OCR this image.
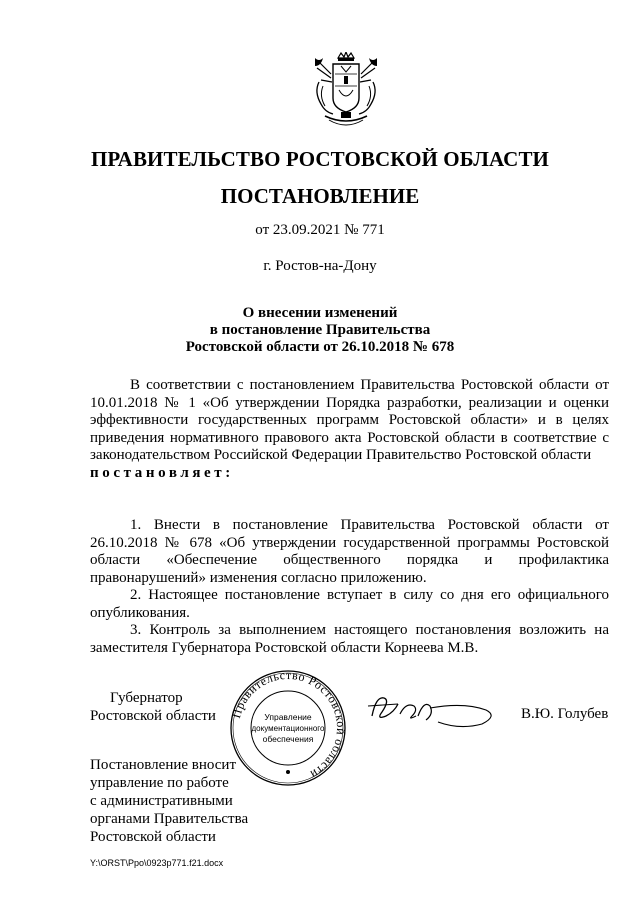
ПРАВИТЕЛЬСТВО РОСТОВСКОЙ ОБЛАСТИ
ПОСТАНОВЛЕНИЕ
от 23.09.2021 № 771
г. Ростов-на-Дону
О внесении изменений
в постановление Правительства
Ростовской области от 26.10.2018 № 678

В соответствии с постановлением Правительства Ростовской области от 10.01.2018 № 1 «Об утверждении Порядка разработки, реализации и оценки эффективности государственных программ Ростовской области» и в целях приведения нормативного правового акта Ростовской области в соответствие с законодательством Российской Федерации Правительство Ростовской области
постановляет:

1. Внести в постановление Правительства Ростовской области от 26.10.2018 № 678 «Об утверждении государственной программы Ростовской области «Обеспечение общественного порядка и профилактика правонарушений» изменения согласно приложению.

2. Настоящее постановление вступает в силу со дня его официального опубликования.

3. Контроль за выполнением настоящего постановления возложить на заместителя Губернатора Ростовской области Корнеева М.В.

Губернатор
Ростовской области Правительство Ростовской области
Управление
документационного
обеспечения
В.Ю. Голубев
Постановление вносит
управление по работе
с административными
органами Правительства
Ростовской области
Y:\ORST\Ppo\0923p771.f21.docx
